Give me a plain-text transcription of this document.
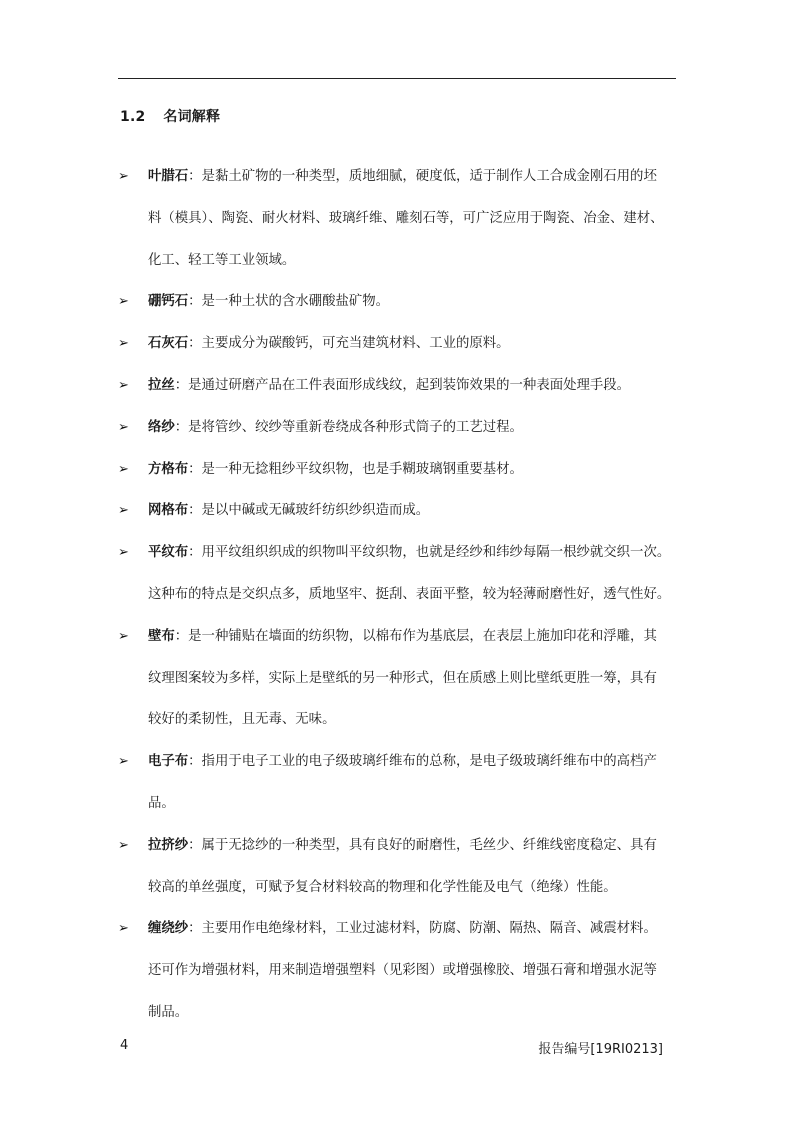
1.2 名词解释

➢ 叶腊石：是黏土矿物的一种类型，质地细腻，硬度低，适于制作人工合成金刚石用的坯
料（模具）、陶瓷、耐火材料、玻璃纤维、雕刻石等，可广泛应用于陶瓷、冶金、建材、
化工、轻工等工业领域。

➢ 硼钙石：是一种土状的含水硼酸盐矿物。

➢ 石灰石：主要成分为碳酸钙，可充当建筑材料、工业的原料。

➢ 拉丝：是通过研磨产品在工件表面形成线纹，起到装饰效果的一种表面处理手段。

➢ 络纱：是将管纱、绞纱等重新卷绕成各种形式筒子的工艺过程。

➢ 方格布：是一种无捻粗纱平纹织物，也是手糊玻璃钢重要基材。

➢ 网格布：是以中碱或无碱玻纤纺织纱织造而成。

➢ 平纹布：用平纹组织织成的织物叫平纹织物，也就是经纱和纬纱每隔一根纱就交织一次。
这种布的特点是交织点多，质地坚牢、挺刮、表面平整，较为轻薄耐磨性好，透气性好。

➢ 壁布：是一种铺贴在墙面的纺织物，以棉布作为基底层，在表层上施加印花和浮雕，其
纹理图案较为多样，实际上是壁纸的另一种形式，但在质感上则比壁纸更胜一筹，具有
较好的柔韧性，且无毒、无味。

➢ 电子布：指用于电子工业的电子级玻璃纤维布的总称，是电子级玻璃纤维布中的高档产
品。

➢ 拉挤纱：属于无捻纱的一种类型，具有良好的耐磨性，毛丝少、纤维线密度稳定、具有
较高的单丝强度，可赋予复合材料较高的物理和化学性能及电气（绝缘）性能。

➢ 缠绕纱：主要用作电绝缘材料，工业过滤材料，防腐、防潮、隔热、隔音、减震材料。
还可作为增强材料，用来制造增强塑料（见彩图）或增强橡胶、增强石膏和增强水泥等
制品。

4	报告编号[19RI0213]
